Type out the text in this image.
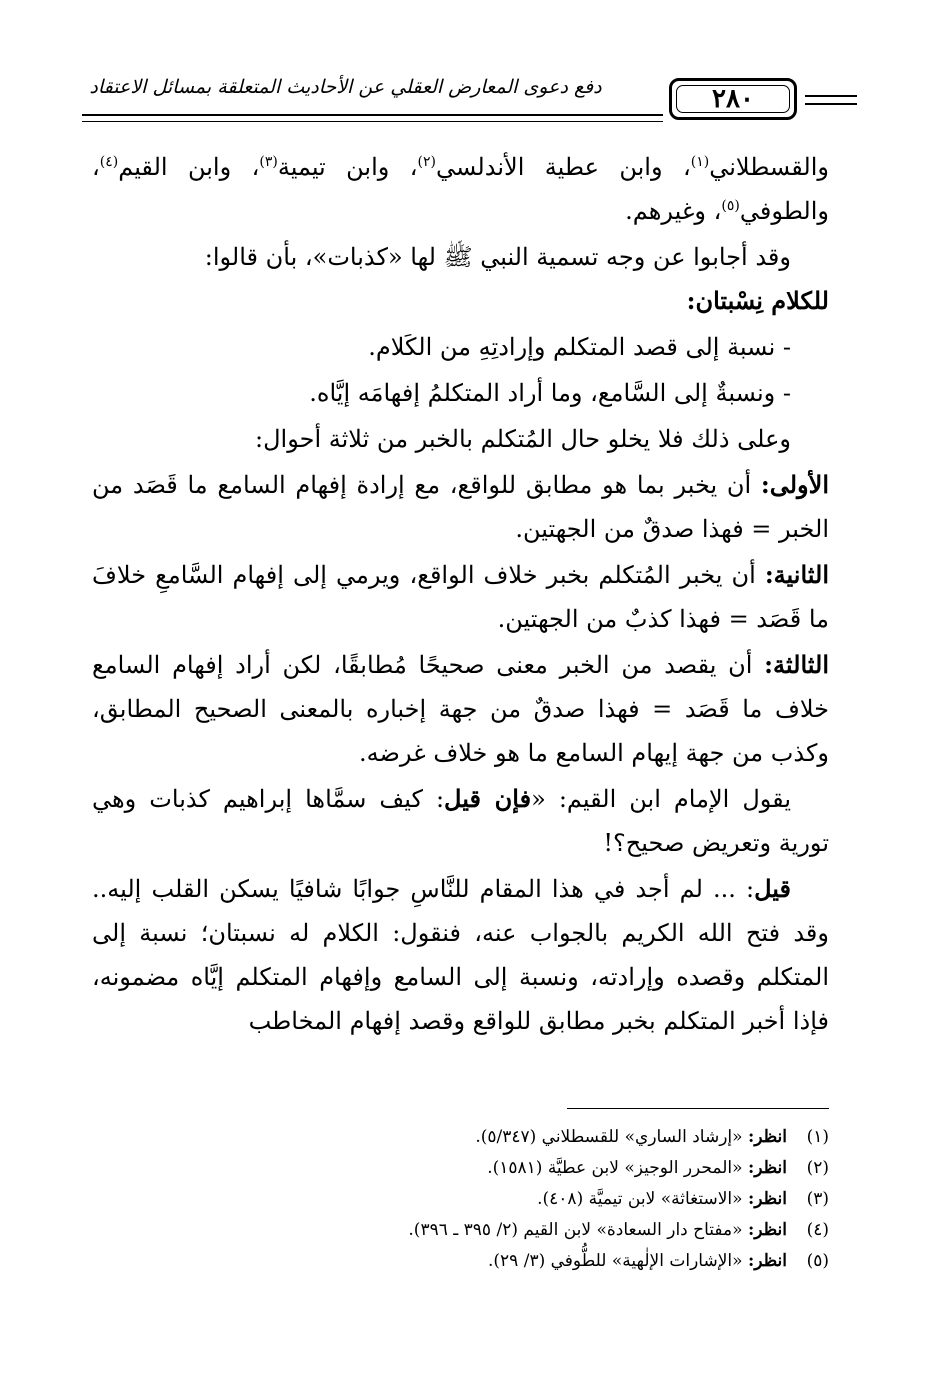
٢٨٠
دفع دعوى المعارض العقلي عن الأحاديث المتعلقة بمسائل الاعتقاد

والقسطلاني$^{(١)}$، وابن عطية الأندلسي$^{(٢)}$، وابن تيمية$^{(٣)}$، وابن القيم$^{(٤)}$، والطوفي$^{(٥)}$، وغيرهم.

وقد أجابوا عن وجه تسمية النبي ﷺ لها «كذبات»، بأن قالوا:
للكلام نِسْبتان:

- نسبة إلى قصد المتكلم وإرادتِهِ من الكَلام.

- ونسبةٌ إلى السَّامع، وما أراد المتكلمُ إفهامَه إيَّاه.

وعلى ذلك فلا يخلو حال المُتكلم بالخبر من ثلاثة أحوال:

الأولى: أن يخبر بما هو مطابق للواقع، مع إرادة إفهام السامع ما قَصَد من الخبر = فهذا صدقٌ من الجهتين.

الثانية: أن يخبر المُتكلم بخبر خلاف الواقع، ويرمي إلى إفهام السَّامعِ خلافَ ما قَصَد = فهذا كذبٌ من الجهتين.

الثالثة: أن يقصد من الخبر معنى صحيحًا مُطابقًا، لكن أراد إفهام السامع خلاف ما قَصَد = فهذا صدقٌ من جهة إخباره بالمعنى الصحيح المطابق، وكذب من جهة إيهام السامع ما هو خلاف غرضه.

يقول الإمام ابن القيم: «فإن قيل: كيف سمَّاها إبراهيم كذبات وهي تورية وتعريض صحيح؟!

قيل: ... لم أجد في هذا المقام للنَّاسِ جوابًا شافيًا يسكن القلب إليه.. وقد فتح الله الكريم بالجواب عنه، فنقول: الكلام له نسبتان؛ نسبة إلى المتكلم وقصده وإرادته، ونسبة إلى السامع وإفهام المتكلم إيَّاه مضمونه، فإذا أخبر المتكلم بخبر مطابق للواقع وقصد إفهام المخاطب

(١)انظر: «إرشاد الساري» للقسطلاني (٥/٣٤٧).
(٢)انظر: «المحرر الوجيز» لابن عطيَّة (١٥٨١).
(٣)انظر: «الاستغاثة» لابن تيميَّة (٤٠٨).
(٤)انظر: «مفتاح دار السعادة» لابن القيم (٢/ ٣٩٥ ـ ٣٩٦).
(٥)انظر: «الإشارات الإلٰهية» للطُّوفي (٣/ ٢٩).
